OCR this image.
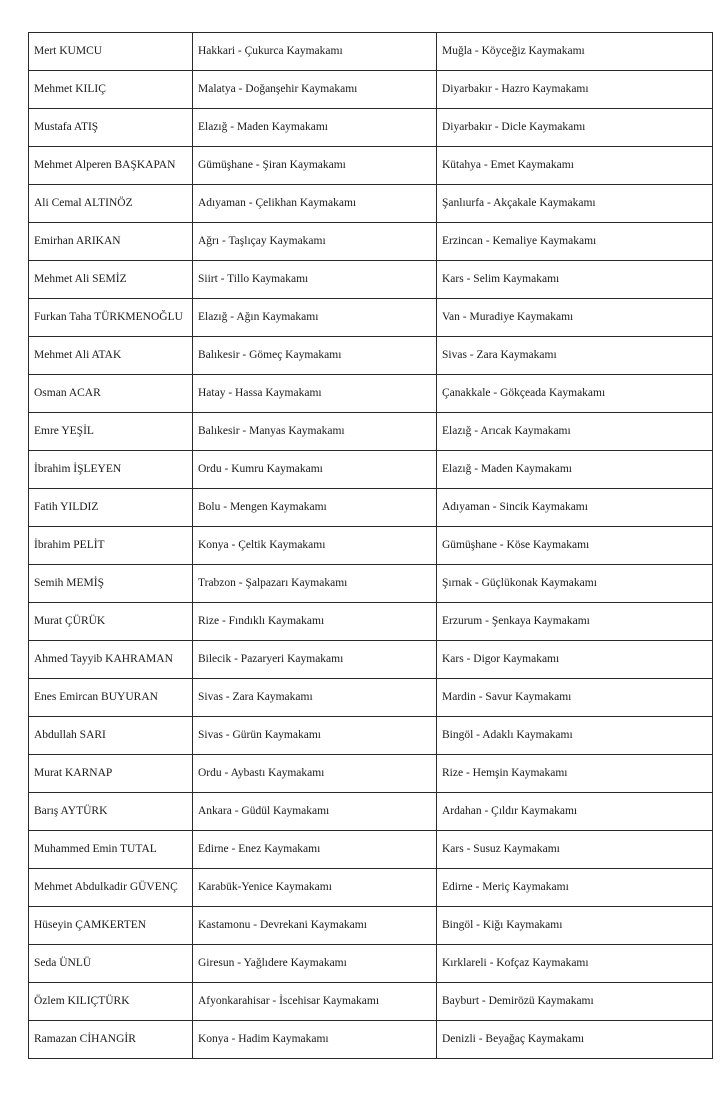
Mert KUMCU	Hakkari - Çukurca Kaymakamı	Muğla - Köyceğiz Kaymakamı
Mehmet KILIÇ	Malatya - Doğanşehir Kaymakamı	Diyarbakır - Hazro Kaymakamı
Mustafa ATIŞ	Elazığ - Maden Kaymakamı	Diyarbakır - Dicle Kaymakamı
Mehmet Alperen BAŞKAPAN	Gümüşhane - Şiran Kaymakamı	Kütahya - Emet Kaymakamı
Ali Cemal ALTINÖZ	Adıyaman - Çelikhan Kaymakamı	Şanlıurfa - Akçakale Kaymakamı
Emirhan ARIKAN	Ağrı - Taşlıçay Kaymakamı	Erzincan - Kemaliye Kaymakamı
Mehmet Ali SEMİZ	Siirt - Tillo Kaymakamı	Kars - Selim Kaymakamı
Furkan Taha TÜRKMENOĞLU	Elazığ - Ağın Kaymakamı	Van - Muradiye Kaymakamı
Mehmet Ali ATAK	Balıkesir - Gömeç Kaymakamı	Sivas - Zara Kaymakamı
Osman ACAR	Hatay - Hassa Kaymakamı	Çanakkale - Gökçeada Kaymakamı
Emre YEŞİL	Balıkesir - Manyas Kaymakamı	Elazığ - Arıcak Kaymakamı
İbrahim İŞLEYEN	Ordu - Kumru Kaymakamı	Elazığ - Maden Kaymakamı
Fatih YILDIZ	Bolu - Mengen Kaymakamı	Adıyaman - Sincik Kaymakamı
İbrahim PELİT	Konya - Çeltik Kaymakamı	Gümüşhane - Köse Kaymakamı
Semih MEMİŞ	Trabzon - Şalpazarı Kaymakamı	Şırnak - Güçlükonak Kaymakamı
Murat ÇÜRÜK	Rize - Fındıklı Kaymakamı	Erzurum - Şenkaya Kaymakamı
Ahmed Tayyib KAHRAMAN	Bilecik - Pazaryeri Kaymakamı	Kars - Digor Kaymakamı
Enes Emircan BUYURAN	Sivas - Zara Kaymakamı	Mardin - Savur Kaymakamı
Abdullah SARI	Sivas - Gürün Kaymakamı	Bingöl - Adaklı Kaymakamı
Murat KARNAP	Ordu - Aybastı Kaymakamı	Rize - Hemşin Kaymakamı
Barış AYTÜRK	Ankara - Güdül Kaymakamı	Ardahan - Çıldır Kaymakamı
Muhammed Emin TUTAL	Edirne - Enez Kaymakamı	Kars - Susuz Kaymakamı
Mehmet Abdulkadir GÜVENÇ	Karabük-Yenice Kaymakamı	Edirne - Meriç Kaymakamı
Hüseyin ÇAMKERTEN	Kastamonu - Devrekani Kaymakamı	Bingöl - Kiğı Kaymakamı
Seda ÜNLÜ	Giresun - Yağlıdere Kaymakamı	Kırklareli - Kofçaz Kaymakamı
Özlem KILIÇTÜRK	Afyonkarahisar - İscehisar Kaymakamı	Bayburt - Demirözü Kaymakamı
Ramazan CİHANGİR	Konya - Hadim Kaymakamı	Denizli - Beyağaç Kaymakamı
